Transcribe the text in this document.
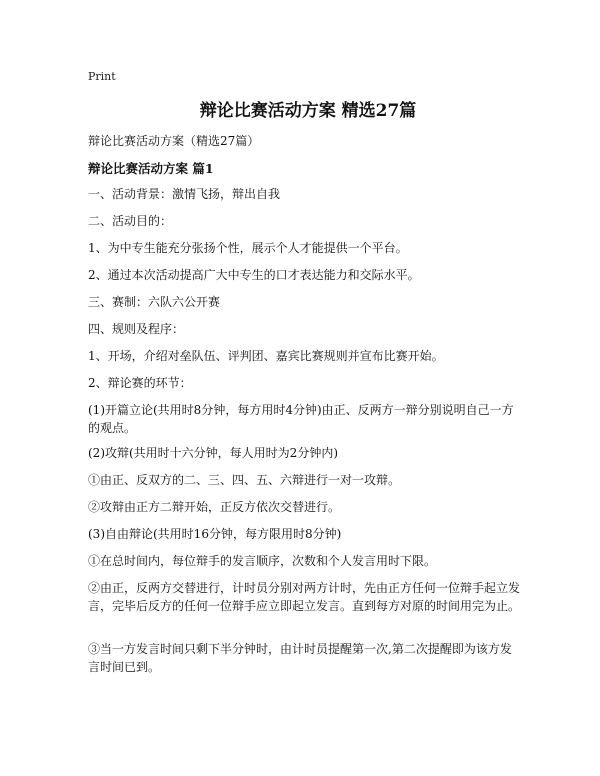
Print
辩论比赛活动方案 精选27篇
辩论比赛活动方案（精选27篇）
辩论比赛活动方案 篇1

一、活动背景：激情飞扬，辩出自我

二、活动目的：

1、为中专生能充分张扬个性，展示个人才能提供一个平台。

2、通过本次活动提高广大中专生的口才表达能力和交际水平。

三、赛制：六队六公开赛

四、规则及程序：

1、开场，介绍对垒队伍、评判团、嘉宾比赛规则并宣布比赛开始。

2、辩论赛的环节：

(1)开篇立论(共用时8分钟，每方用时4分钟)由正、反两方一辩分别说明自己一方的观点。

(2)攻辩(共用时十六分钟，每人用时为2分钟内)

①由正、反双方的二、三、四、五、六辩进行一对一攻辩。

②攻辩由正方二辩开始，正反方依次交替进行。

(3)自由辩论(共用时16分钟，每方限用时8分钟)

①在总时间内，每位辩手的发言顺序，次数和个人发言用时下限。

②由正，反两方交替进行，计时员分别对两方计时，先由正方任何一位辩手起立发言，完毕后反方的任何一位辩手应立即起立发言。直到每方对原的时间用完为止。

③当一方发言时间只剩下半分钟时，由计时员提醒第一次,第二次提醒即为该方发言时间已到。
